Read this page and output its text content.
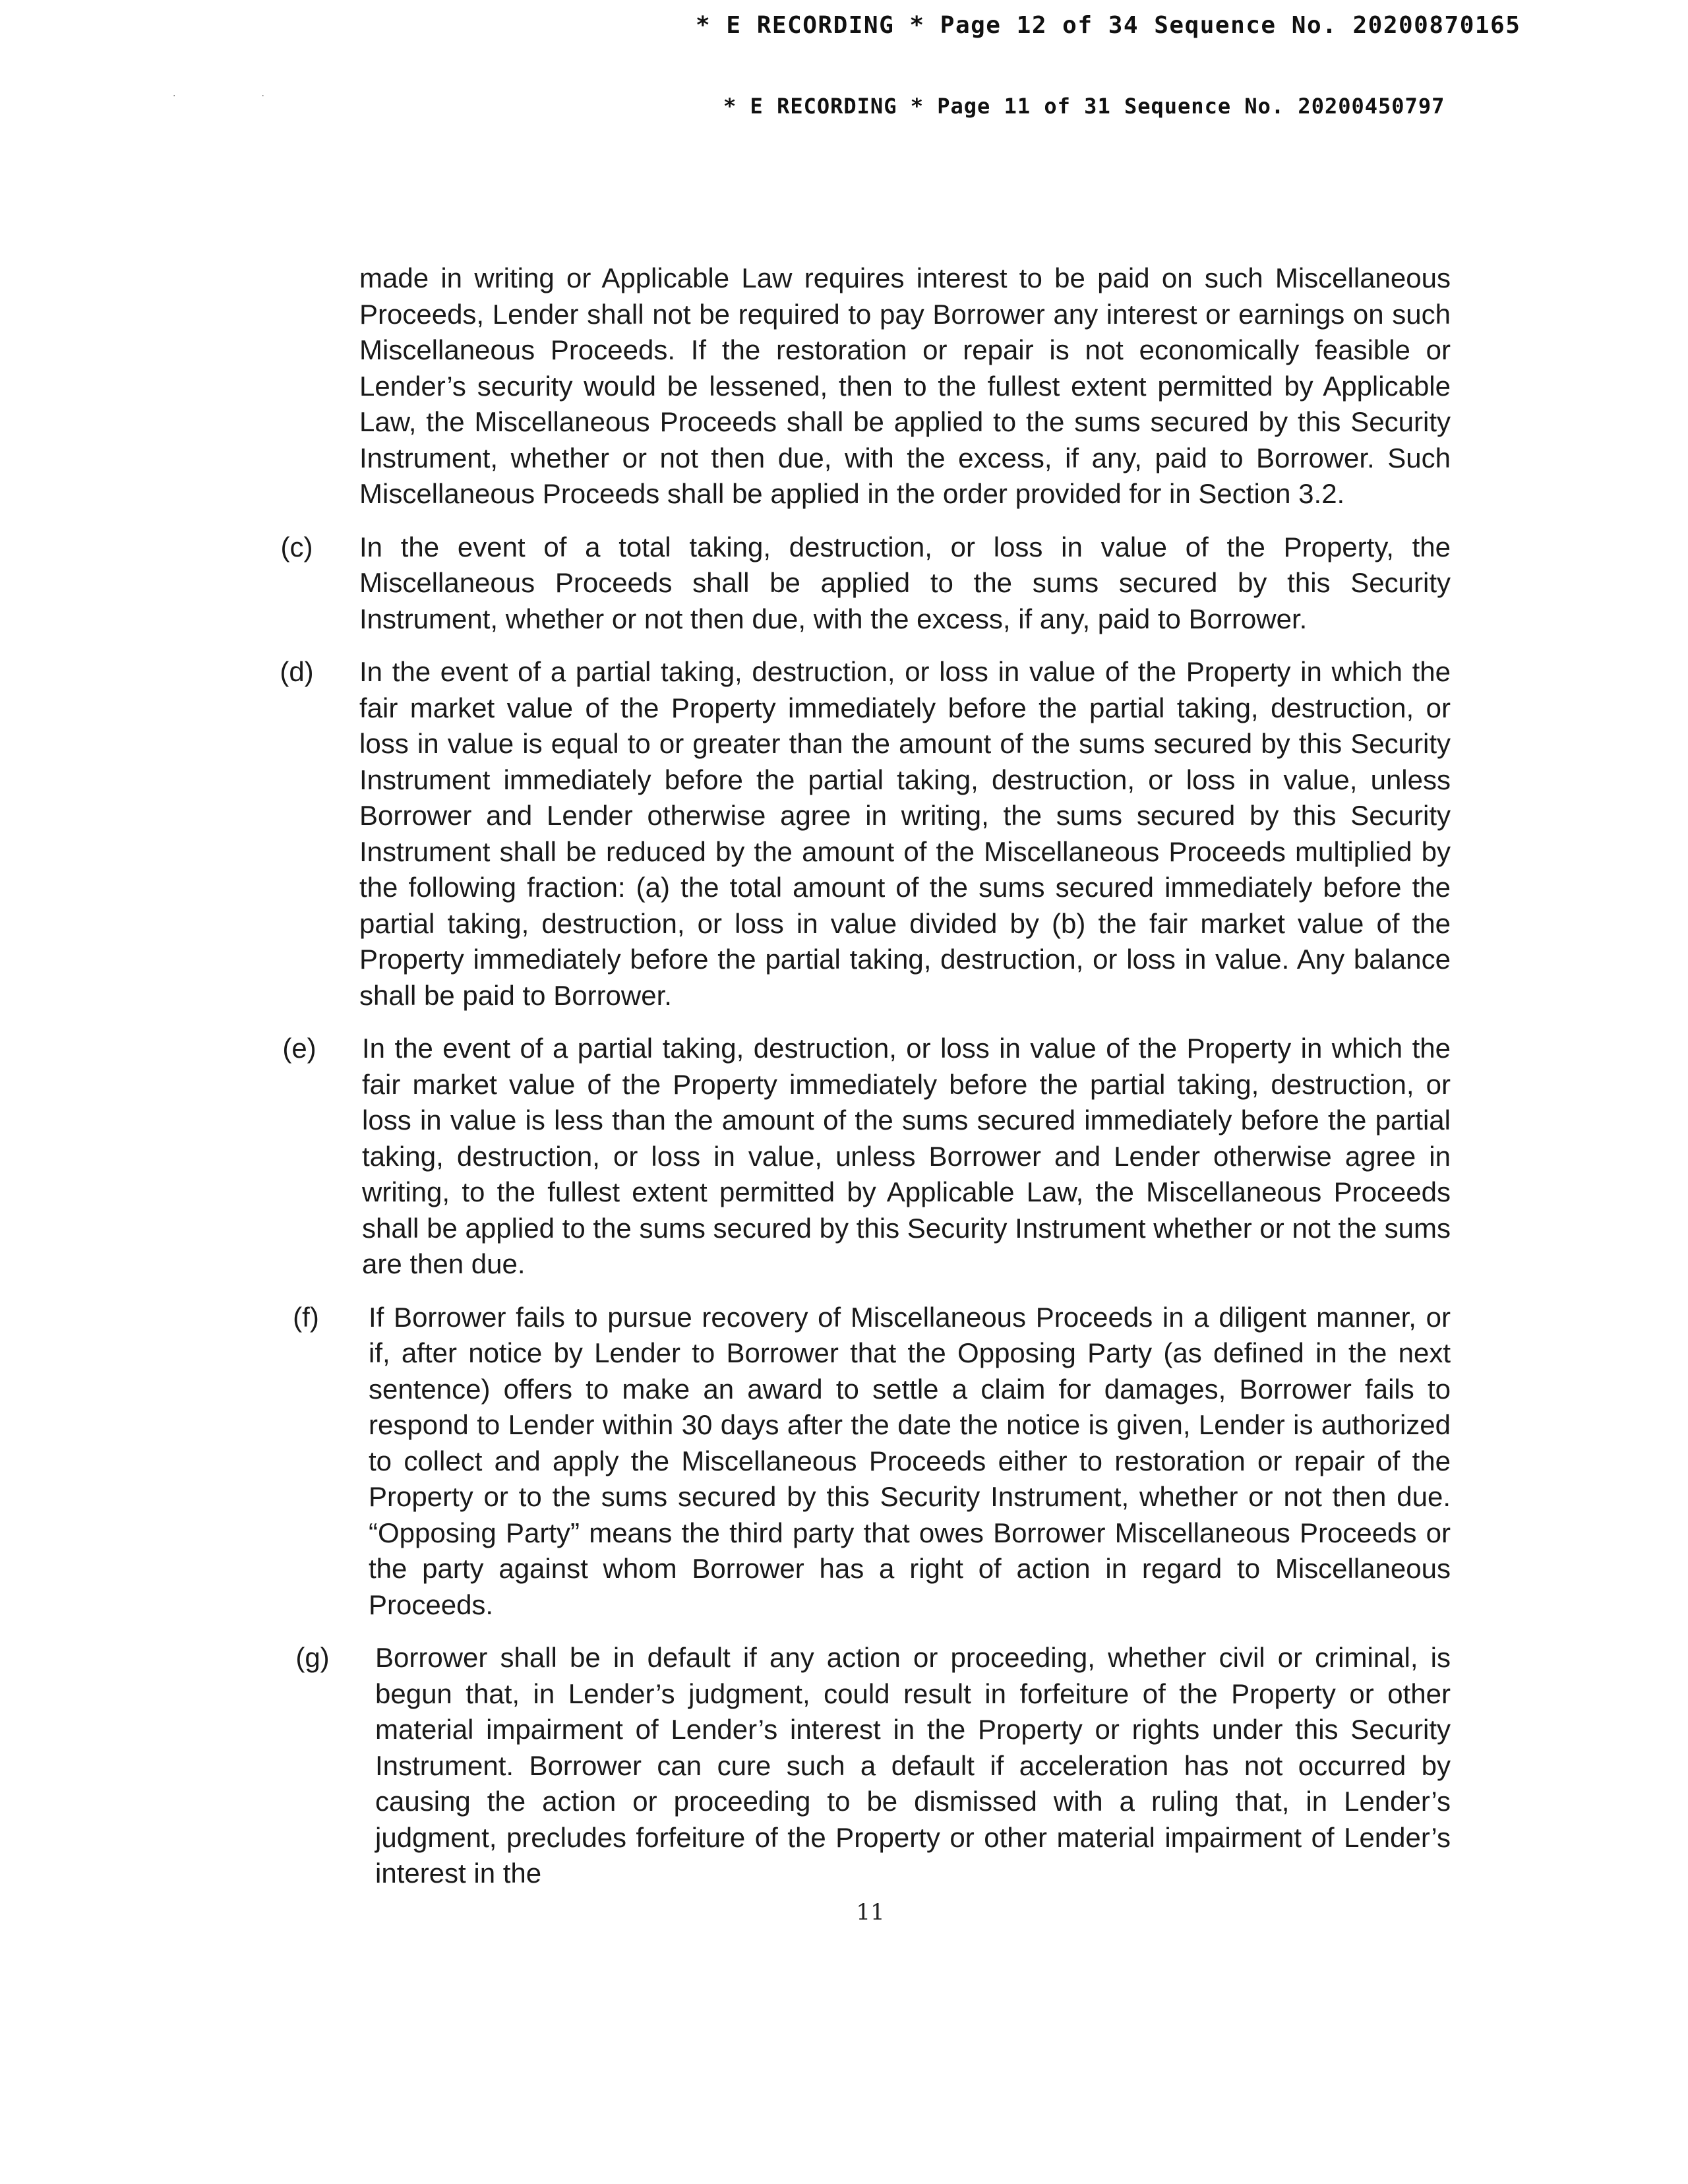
* E RECORDING * Page 12 of 34 Sequence No. 20200870165
··	* E RECORDING * Page 11 of 31 Sequence No. 20200450797

made in writing or Applicable Law requires interest to be paid on such Miscellaneous Proceeds, Lender shall not be required to pay Borrower any interest or earnings on such Miscellaneous Proceeds. If the restoration or repair is not economically feasible or Lender’s security would be lessened, then to the fullest extent permitted by Applicable Law, the Miscellaneous Proceeds shall be applied to the sums secured by this Security Instrument, whether or not then due, with the excess, if any, paid to Borrower. Such Miscellaneous Proceeds shall be applied in the order provided for in Section 3.2.

(c)	In the event of a total taking, destruction, or loss in value of the Property, the Miscellaneous Proceeds shall be applied to the sums secured by this Security Instrument, whether or not then due, with the excess, if any, paid to Borrower.

(d)	In the event of a partial taking, destruction, or loss in value of the Property in which the fair market value of the Property immediately before the partial taking, destruction, or loss in value is equal to or greater than the amount of the sums secured by this Security Instrument immediately before the partial taking, destruction, or loss in value, unless Borrower and Lender otherwise agree in writing, the sums secured by this Security Instrument shall be reduced by the amount of the Miscellaneous Proceeds multiplied by the following fraction: (a) the total amount of the sums secured immediately before the partial taking, destruction, or loss in value divided by (b) the fair market value of the Property immediately before the partial taking, destruction, or loss in value. Any balance shall be paid to Borrower.

(e)	In the event of a partial taking, destruction, or loss in value of the Property in which the fair market value of the Property immediately before the partial taking, destruction, or loss in value is less than the amount of the sums secured immediately before the partial taking, destruction, or loss in value, unless Borrower and Lender otherwise agree in writing, to the fullest extent permitted by Applicable Law, the Miscellaneous Proceeds shall be applied to the sums secured by this Security Instrument whether or not the sums are then due.

(f)	If Borrower fails to pursue recovery of Miscellaneous Proceeds in a diligent manner, or if, after notice by Lender to Borrower that the Opposing Party (as defined in the next sentence) offers to make an award to settle a claim for damages, Borrower fails to respond to Lender within 30 days after the date the notice is given, Lender is authorized to collect and apply the Miscellaneous Proceeds either to restoration or repair of the Property or to the sums secured by this Security Instrument, whether or not then due. “Opposing Party” means the third party that owes Borrower Miscellaneous Proceeds or the party against whom Borrower has a right of action in regard to Miscellaneous Proceeds.

(g)	Borrower shall be in default if any action or proceeding, whether civil or criminal, is begun that, in Lender’s judgment, could result in forfeiture of the Property or other material impairment of Lender’s interest in the Property or rights under this Security Instrument. Borrower can cure such a default if acceleration has not occurred by causing the action or proceeding to be dismissed with a ruling that, in Lender’s judgment, precludes forfeiture of the Property or other material impairment of Lender’s interest in the

11
